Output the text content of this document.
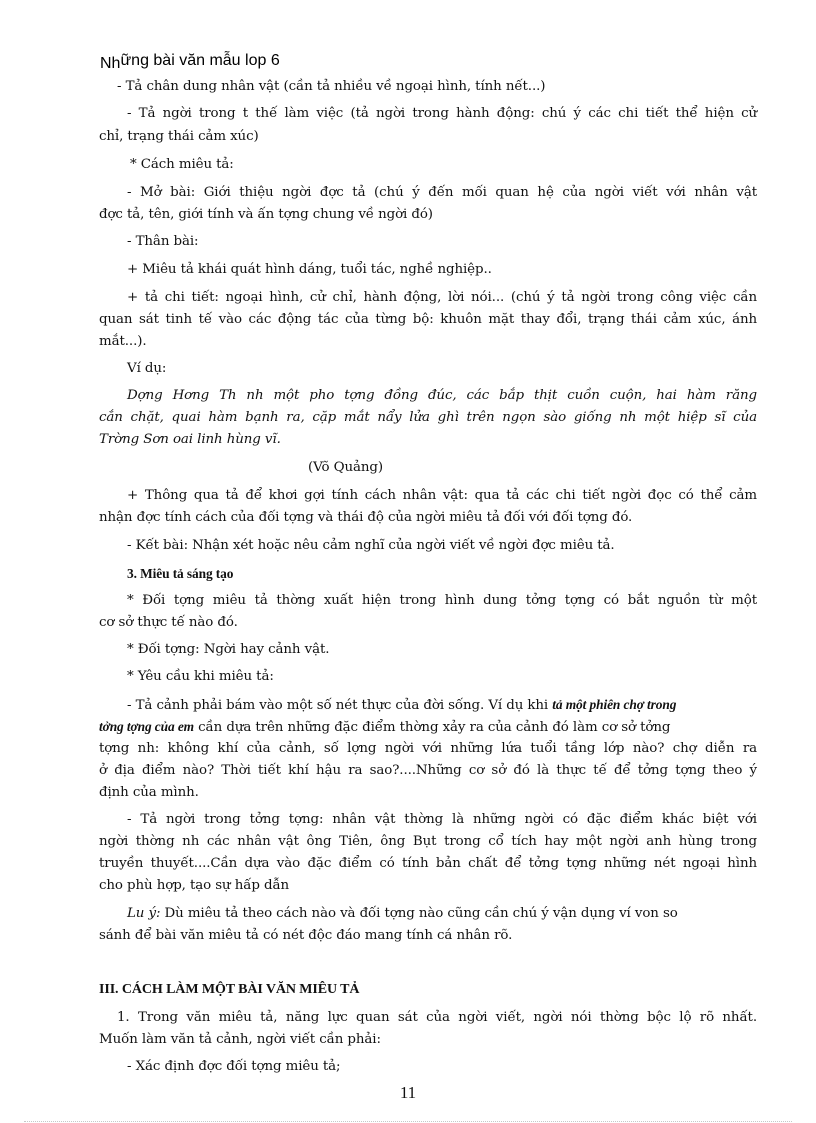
Những bài văn mẫu lop 6
- Tả chân dung nhân vật (cần tả nhiều về ngoại hình, tính nết...)
- Tả ngời trong t thế làm việc (tả ngời trong hành động: chú ý các chi tiết thể hiện cử
chỉ, trạng thái cảm xúc)
* Cách miêu tả:
- Mở bài: Giới thiệu ngời đợc tả (chú ý đến mối quan hệ của ngời viết với nhân vật
đợc tả, tên, giới tính và ấn tợng chung về ngời đó)
- Thân bài:
+ Miêu tả khái quát hình dáng, tuổi tác, nghề nghiệp..
+ tả chi tiết: ngoại hình, cử chỉ, hành động, lời nói... (chú ý tả ngời trong công việc cần
quan sát tinh tế vào các động tác của từng bộ: khuôn mặt thay đổi, trạng thái cảm xúc, ánh
mắt...).
Ví dụ:
Dợng Hơng Th nh một pho tợng đồng đúc, các bắp thịt cuồn cuộn, hai hàm răng
cắn chặt, quai hàm bạnh ra, cặp mắt nẩy lửa ghì trên ngọn sào giống nh một hiệp sĩ của
Trờng Sơn oai linh hùng vĩ.
(Võ Quảng)
+ Thông qua tả để khơi gợi tính cách nhân vật: qua tả các chi tiết ngời đọc có thể cảm
nhận đợc tính cách của đối tợng và thái độ của ngời miêu tả đối với đối tợng đó.
- Kết bài: Nhận xét hoặc nêu cảm nghĩ của ngời viết về ngời đợc miêu tả.
3. Miêu tả sáng tạo
* Đối tợng miêu tả thờng xuất hiện trong hình dung tởng tợng có bắt nguồn từ một
cơ sở thực tế nào đó.
* Đối tợng: Ngời hay cảnh vật.
* Yêu cầu khi miêu tả:
- Tả cảnh phải bám vào một số nét thực của đời sống. Ví dụ khi tả một phiên chợ trong
tởng tợng của em cần dựa trên những đặc điểm thờng xảy ra của cảnh đó làm cơ sở tởng
tợng nh: không khí của cảnh, số lợng ngời với những lứa tuổi tầng lớp nào? chợ diễn ra
ở địa điểm nào? Thời tiết khí hậu ra sao?....Những cơ sở đó là thực tế để tởng tợng theo ý
định của mình.
- Tả ngời trong tởng tợng: nhân vật thờng là những ngời có đặc điểm khác biệt với
ngời thờng nh các nhân vật ông Tiên, ông Bụt trong cổ tích hay một ngời anh hùng trong
truyền thuyết....Cần dựa vào đặc điểm có tính bản chất để tởng tợng những nét ngoại hình
cho phù hợp, tạo sự hấp dẫn
Lu ý: Dù miêu tả theo cách nào và đối tợng nào cũng cần chú ý vận dụng ví von so
sánh để bài văn miêu tả có nét độc đáo mang tính cá nhân rõ.
III. CÁCH LÀM MỘT BÀI VĂN MIÊU TẢ
1. Trong văn miêu tả, năng lực quan sát của ngời viết, ngời nói thờng bộc lộ rõ nhất.
Muốn làm văn tả cảnh, ngời viết cần phải:
- Xác định đợc đối tợng miêu tả;
11
